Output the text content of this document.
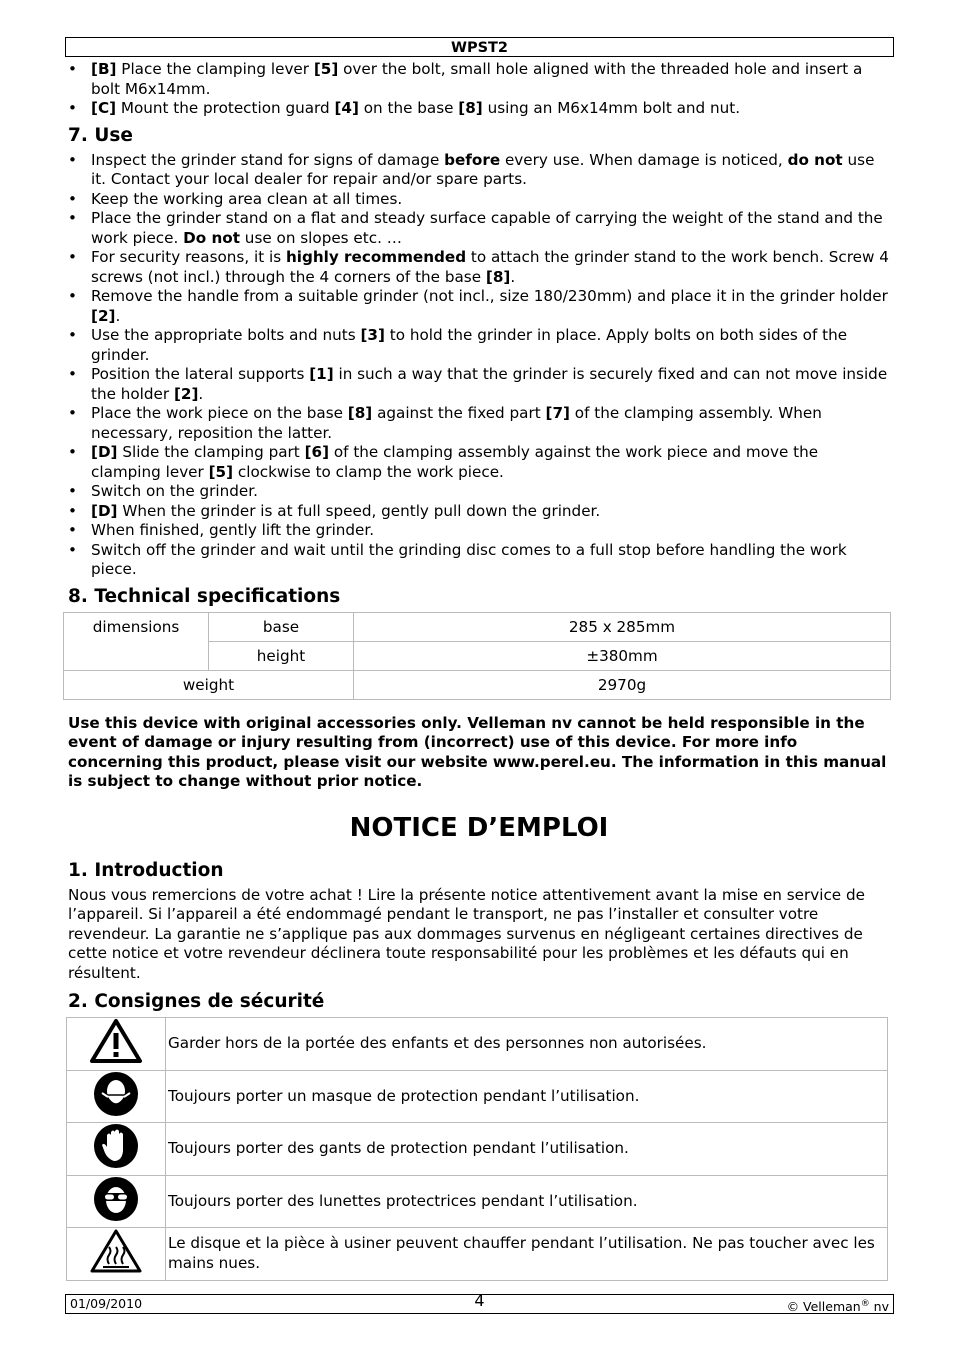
WPST2
• [B] Place the clamping lever [5] over the bolt, small hole aligned with the threaded hole and insert a bolt M6x14mm.
• [C] Mount the protection guard [4] on the base [8] using an M6x14mm bolt and nut.
7. Use
• Inspect the grinder stand for signs of damage before every use. When damage is noticed, do not use it. Contact your local dealer for repair and/or spare parts.
• Keep the working area clean at all times.
• Place the grinder stand on a flat and steady surface capable of carrying the weight of the stand and the work piece. Do not use on slopes etc. …
• For security reasons, it is highly recommended to attach the grinder stand to the work bench. Screw 4 screws (not incl.) through the 4 corners of the base [8].
• Remove the handle from a suitable grinder (not incl., size 180/230mm) and place it in the grinder holder [2].
• Use the appropriate bolts and nuts [3] to hold the grinder in place. Apply bolts on both sides of the grinder.
• Position the lateral supports [1] in such a way that the grinder is securely fixed and can not move inside the holder [2].
• Place the work piece on the base [8] against the fixed part [7] of the clamping assembly. When necessary, reposition the latter.
• [D] Slide the clamping part [6] of the clamping assembly against the work piece and move the clamping lever [5] clockwise to clamp the work piece.
• Switch on the grinder.
• [D] When the grinder is at full speed, gently pull down the grinder.
• When finished, gently lift the grinder.
• Switch off the grinder and wait until the grinding disc comes to a full stop before handling the work piece.
8. Technical specifications
dimensions	base	285 x 285mm
	height	±380mm
weight		2970g
Use this device with original accessories only. Velleman nv cannot be held responsible in the event of damage or injury resulting from (incorrect) use of this device. For more info concerning this product, please visit our website www.perel.eu. The information in this manual is subject to change without prior notice.
NOTICE D’EMPLOI
1. Introduction

Nous vous remercions de votre achat ! Lire la présente notice attentivement avant la mise en service de l’appareil. Si l’appareil a été endommagé pendant le transport, ne pas l’installer et consulter votre revendeur. La garantie ne s’applique pas aux dommages survenus en négligeant certaines directives de cette notice et votre revendeur déclinera toute responsabilité pour les problèmes et les défauts qui en résultent.

2. Consignes de sécurité
	Garder hors de la portée des enfants et des personnes non autorisées.
	Toujours porter un masque de protection pendant l’utilisation.
	Toujours porter des gants de protection pendant l’utilisation.
	Toujours porter des lunettes protectrices pendant l’utilisation.
	Le disque et la pièce à usiner peuvent chauffer pendant l’utilisation. Ne pas toucher avec les mains nues.
01/09/2010	4	© Velleman® nv
